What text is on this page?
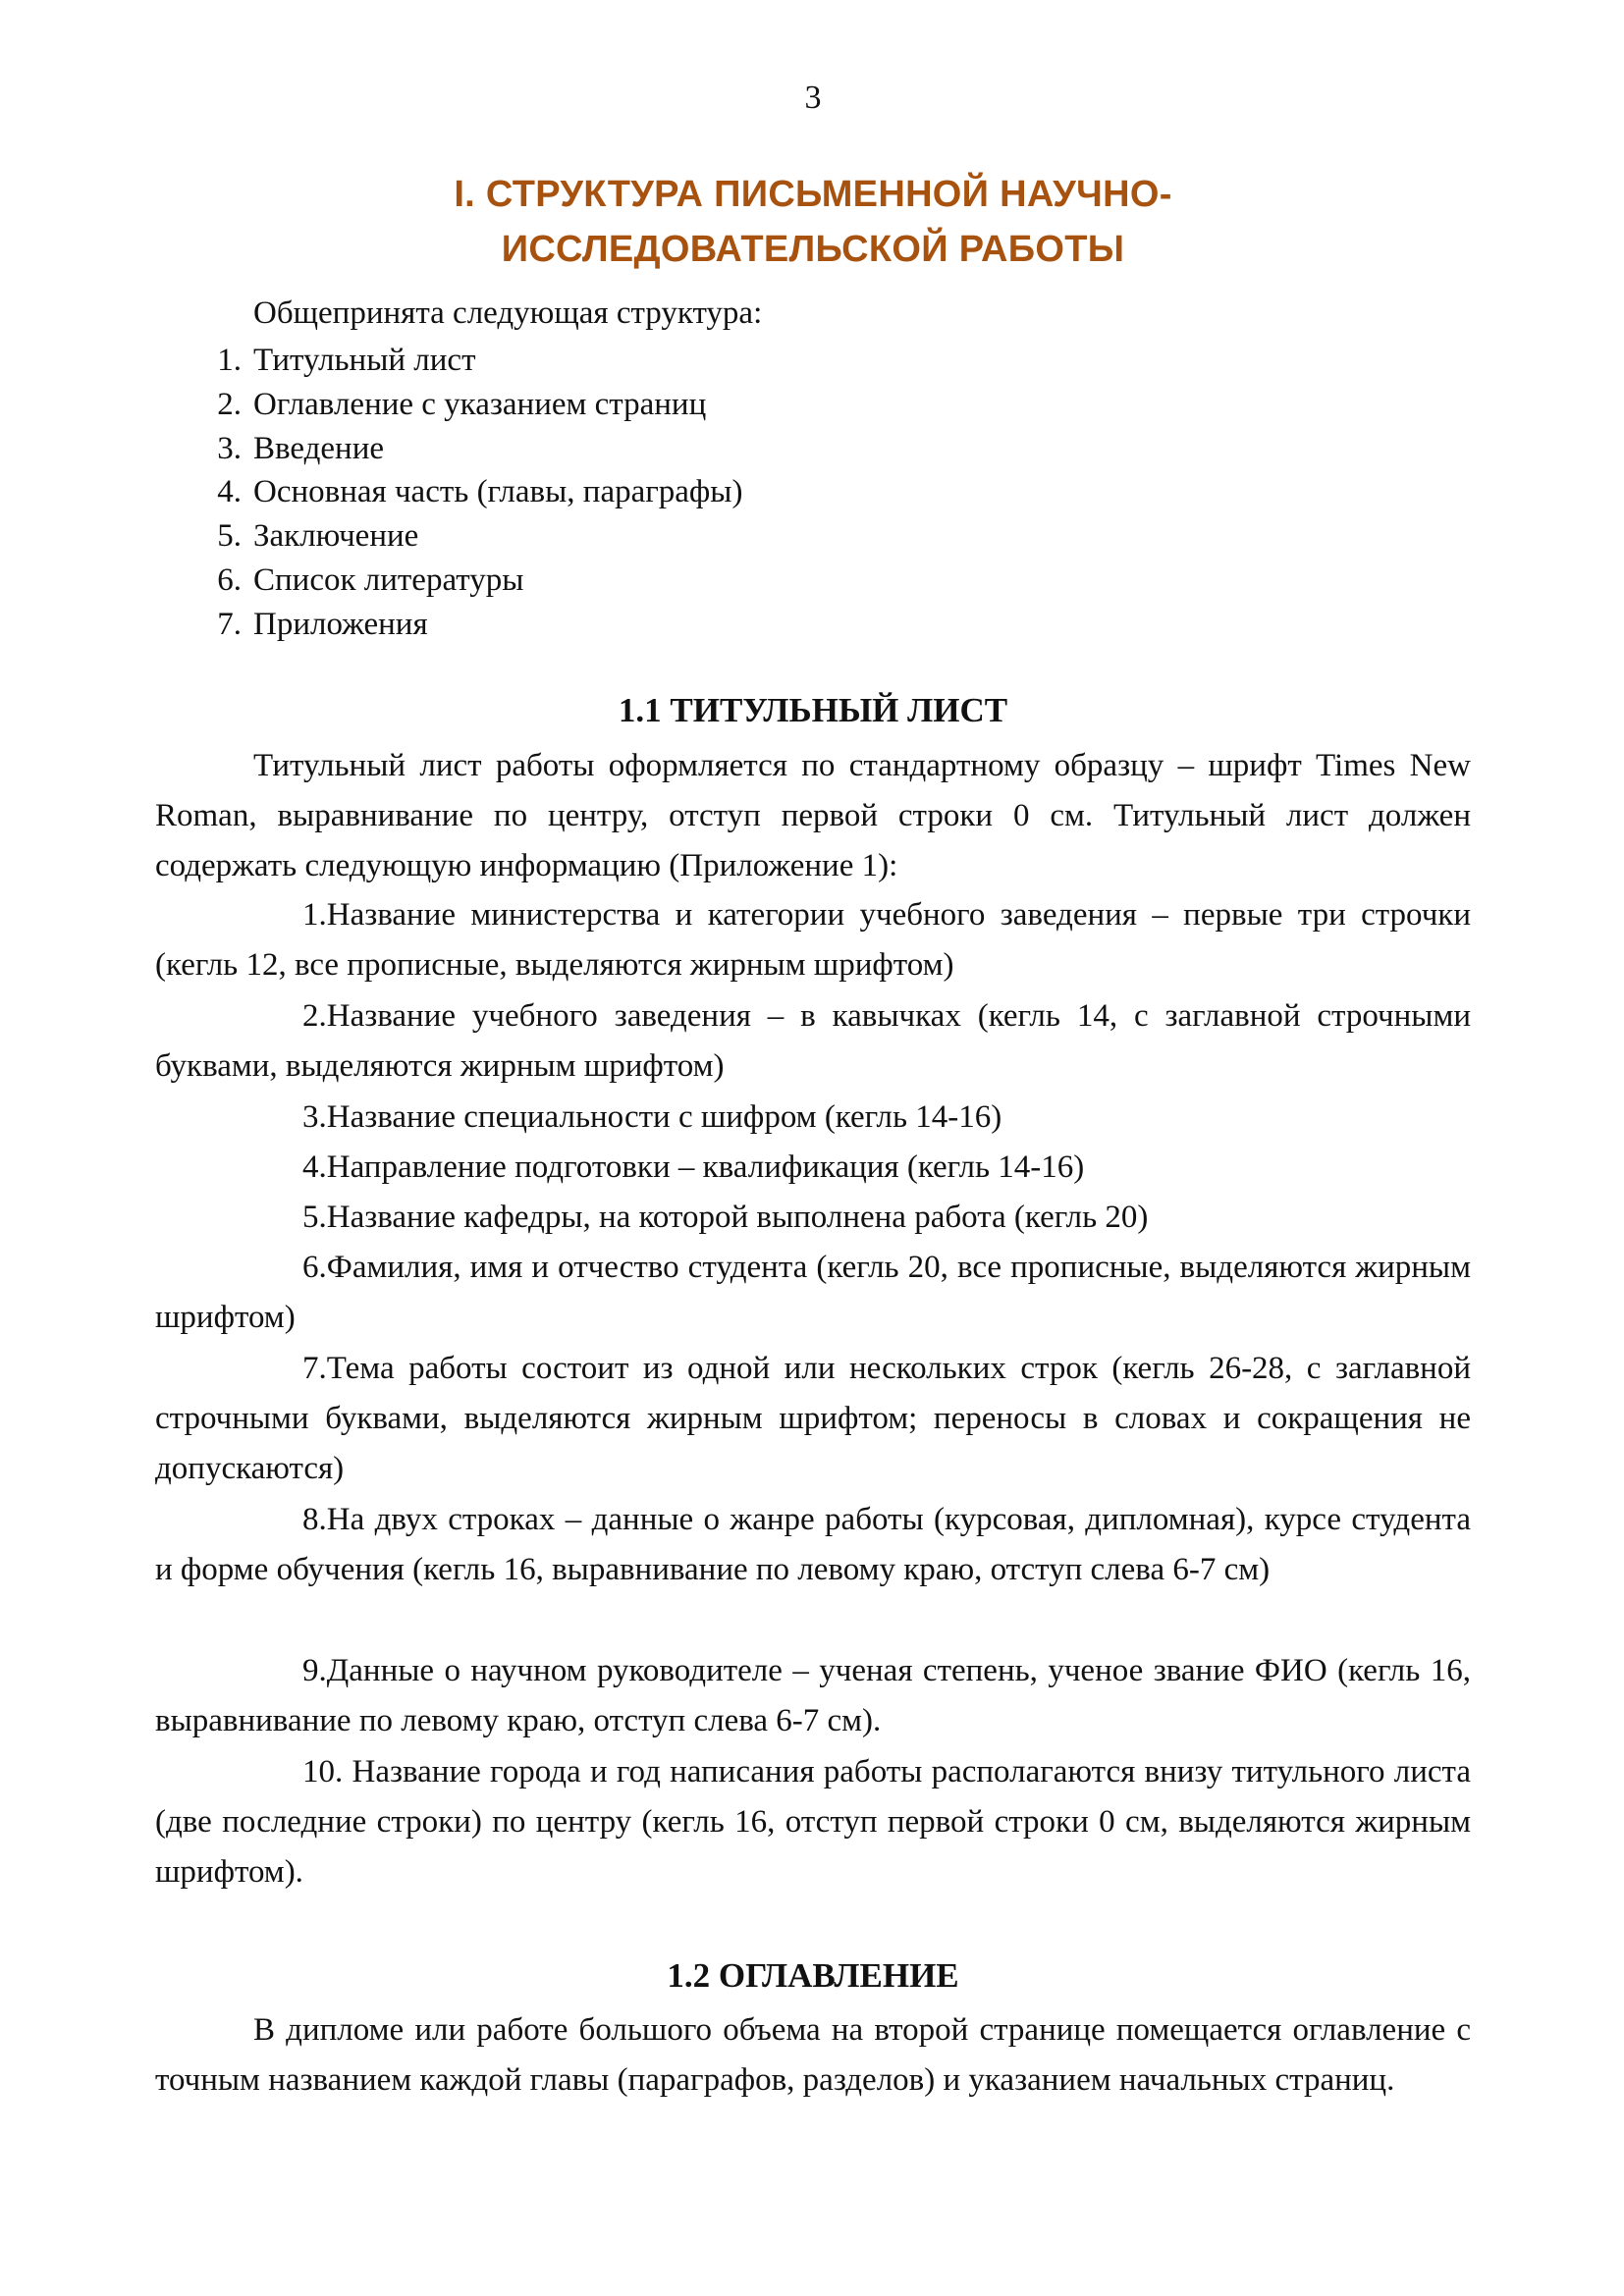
3
I. СТРУКТУРА ПИСЬМЕННОЙ НАУЧНО-
ИССЛЕДОВАТЕЛЬСКОЙ РАБОТЫ
Общепринята следующая структура:
1. Титульный лист
2. Оглавление с указанием страниц
3. Введение
4. Основная часть (главы, параграфы)
5. Заключение
6. Список литературы
7. Приложения
1.1 ТИТУЛЬНЫЙ ЛИСТ

Титульный лист работы оформляется по стандартному образцу – шрифт Times New Roman, выравнивание по центру, отступ первой строки 0 см. Титульный лист должен содержать следующую информацию (Приложение 1):

1.Название министерства и категории учебного заведения – первые три строчки (кегль 12, все прописные, выделяются жирным шрифтом)

2.Название учебного заведения – в кавычках (кегль 14, с заглавной строчными буквами, выделяются жирным шрифтом)

3.Название специальности с шифром (кегль 14-16)

4.Направление подготовки – квалификация (кегль 14-16)

5.Название кафедры, на которой выполнена работа (кегль 20)

6.Фамилия, имя и отчество студента (кегль 20, все прописные, выделяются жирным шрифтом)

7.Тема работы состоит из одной или нескольких строк (кегль 26-28, с заглавной строчными буквами, выделяются жирным шрифтом; переносы в словах и сокращения не допускаются)

8.На двух строках – данные о жанре работы (курсовая, дипломная), курсе студента и форме обучения (кегль 16, выравнивание по левому краю, отступ слева 6-7 см)

9.Данные о научном руководителе – ученая степень, ученое звание ФИО (кегль 16, выравнивание по левому краю, отступ слева 6-7 см).

10. Название города и год написания работы располагаются внизу титульного листа (две последние строки) по центру (кегль 16, отступ первой строки 0 см, выделяются жирным шрифтом).

1.2 ОГЛАВЛЕНИЕ

В дипломе или работе большого объема на второй странице помещается оглавление с точным названием каждой главы (параграфов, разделов) и указанием начальных страниц.
